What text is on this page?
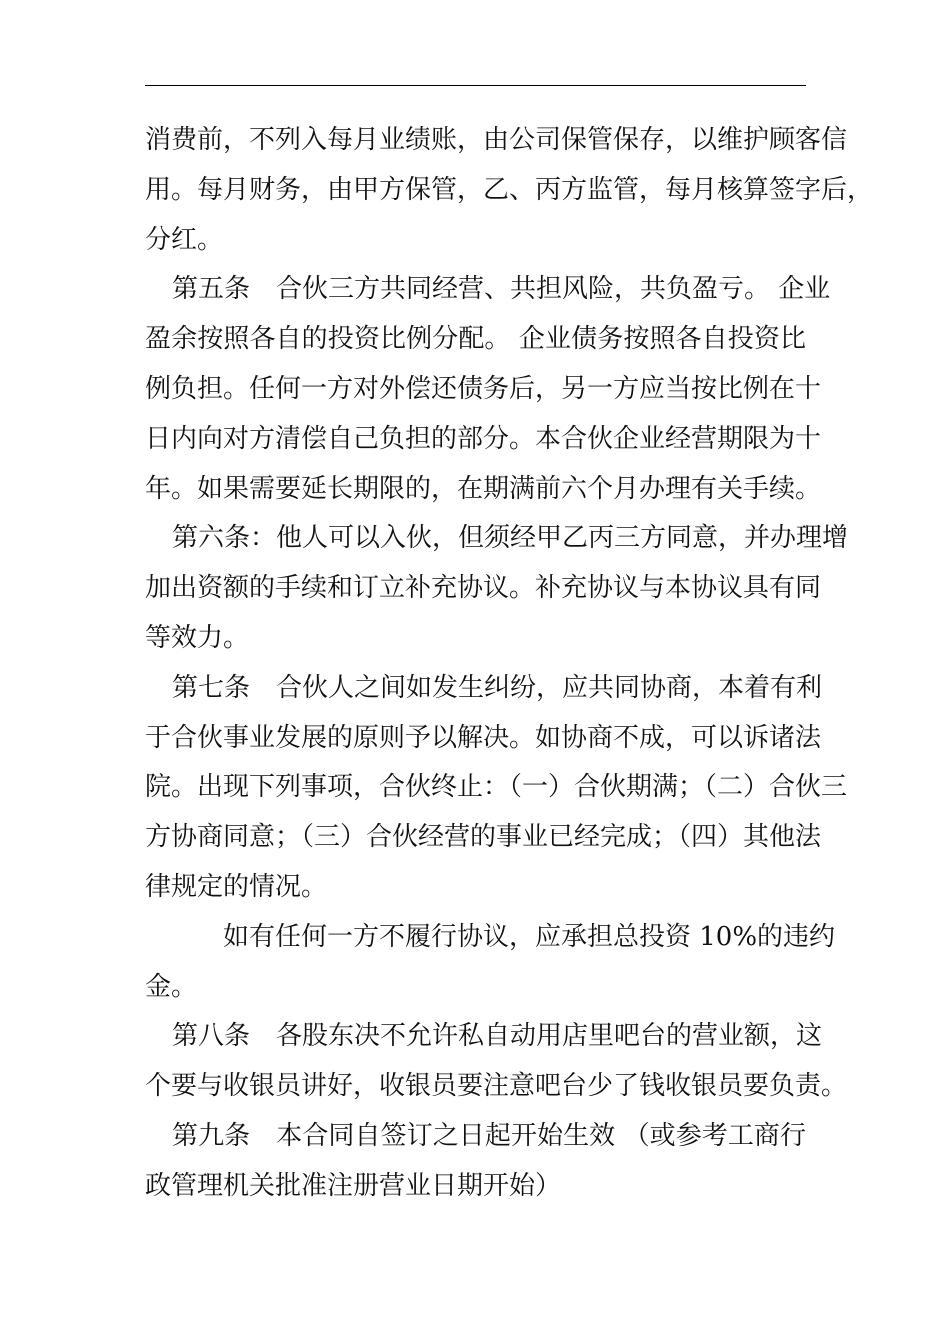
消费前，不列入每月业绩账，由公司保管保存，以维护顾客信
用。每月财务，由甲方保管，乙、丙方监管，每月核算签字后，
分红。
第五条　合伙三方共同经营、共担风险，共负盈亏。 企业
盈余按照各自的投资比例分配。 企业债务按照各自投资比
例负担。任何一方对外偿还债务后，另一方应当按比例在十
日内向对方清偿自己负担的部分。本合伙企业经营期限为十
年。如果需要延长期限的，在期满前六个月办理有关手续。
第六条：他人可以入伙，但须经甲乙丙三方同意，并办理增
加出资额的手续和订立补充协议。补充协议与本协议具有同
等效力。
第七条　合伙人之间如发生纠纷，应共同协商，本着有利
于合伙事业发展的原则予以解决。如协商不成，可以诉诸法
院。出现下列事项，合伙终止：（一）合伙期满；（二）合伙三
方协商同意；（三）合伙经营的事业已经完成；（四）其他法
律规定的情况。
如有任何一方不履行协议，应承担总投资 10%的违约
金。
第八条　各股东决不允许私自动用店里吧台的营业额，这
个要与收银员讲好，收银员要注意吧台少了钱收银员要负责。
第九条　本合同自签订之日起开始生效 （或参考工商行
政管理机关批准注册营业日期开始）
